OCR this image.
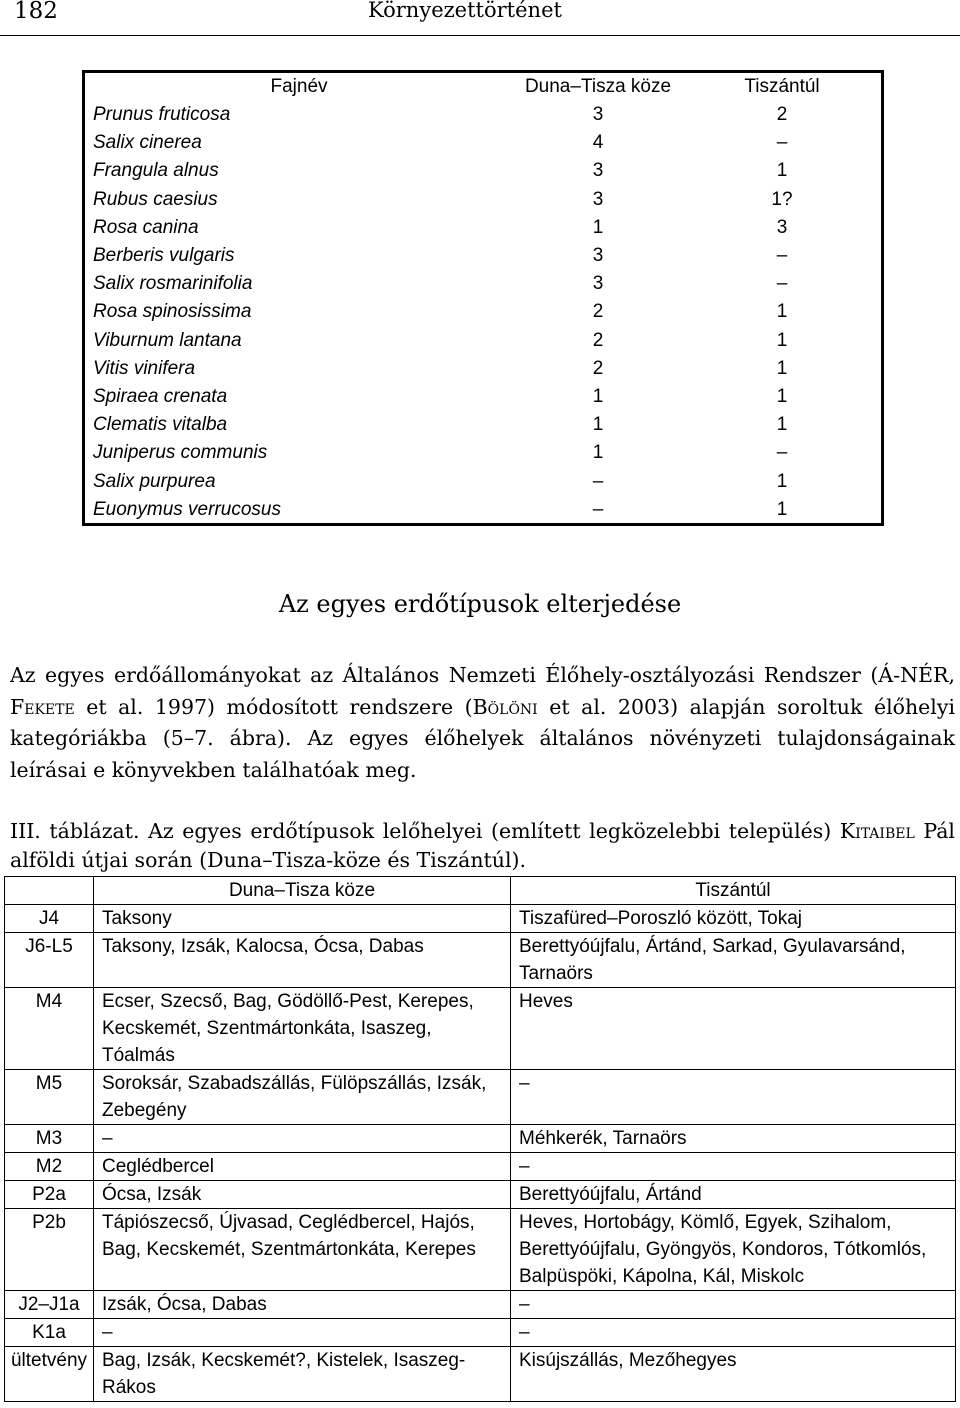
182	Környezettörténet
Fajnév	Duna–Tisza köze	Tiszántúl
Prunus fruticosa	3	2
Salix cinerea	4	–
Frangula alnus	3	1
Rubus caesius	3	1?
Rosa canina	1	3
Berberis vulgaris	3	–
Salix rosmarinifolia	3	–
Rosa spinosissima	2	1
Viburnum lantana	2	1
Vitis vinifera	2	1
Spiraea crenata	1	1
Clematis vitalba	1	1
Juniperus communis	1	–
Salix purpurea	–	1
Euonymus verrucosus	–	1
Az egyes erdőtípusok elterjedése
Az egyes erdőállományokat az Általános Nemzeti Élőhely-osztályozási Rendszer (Á-NÉR, Fekete et al. 1997) módosított rendszere (Bölöni et al. 2003) alapján soroltuk élőhelyi kategóriákba (5–7. ábra). Az egyes élőhelyek általános növényzeti tulajdonságainak leírásai e könyvekben találhatóak meg.
III. táblázat. Az egyes erdőtípusok lelőhelyei (említett legközelebbi település) Kitaibel Pál alföldi útjai során (Duna–Tisza-köze és Tiszántúl).
	Duna–Tisza köze	Tiszántúl
J4	Taksony	Tiszafüred–Poroszló között, Tokaj
J6-L5	Taksony, Izsák, Kalocsa, Ócsa, Dabas	Berettyóújfalu, Ártánd, Sarkad, Gyulavarsánd, Tarnaörs
M4	Ecser, Szecső, Bag, Gödöllő-Pest, Kerepes, Kecskemét, Szentmártonkáta, Isaszeg, Tóalmás	Heves
M5	Soroksár, Szabadszállás, Fülöpszállás, Izsák, Zebegény	–
M3	–	Méhkerék, Tarnaörs
M2	Ceglédbercel	–
P2a	Ócsa, Izsák	Berettyóújfalu, Ártánd
P2b	Tápiószecső, Újvasad, Ceglédbercel, Hajós, Bag, Kecskemét, Szentmártonkáta, Kerepes	Heves, Hortobágy, Kömlő, Egyek, Szihalom, Berettyóújfalu, Gyöngyös, Kondoros, Tótkomlós, Balpüspöki, Kápolna, Kál, Miskolc
J2–J1a	Izsák, Ócsa, Dabas	–
K1a	–	–
ültetvény	Bag, Izsák, Kecskemét?, Kistelek, Isaszeg-Rákos	Kisújszállás, Mezőhegyes
